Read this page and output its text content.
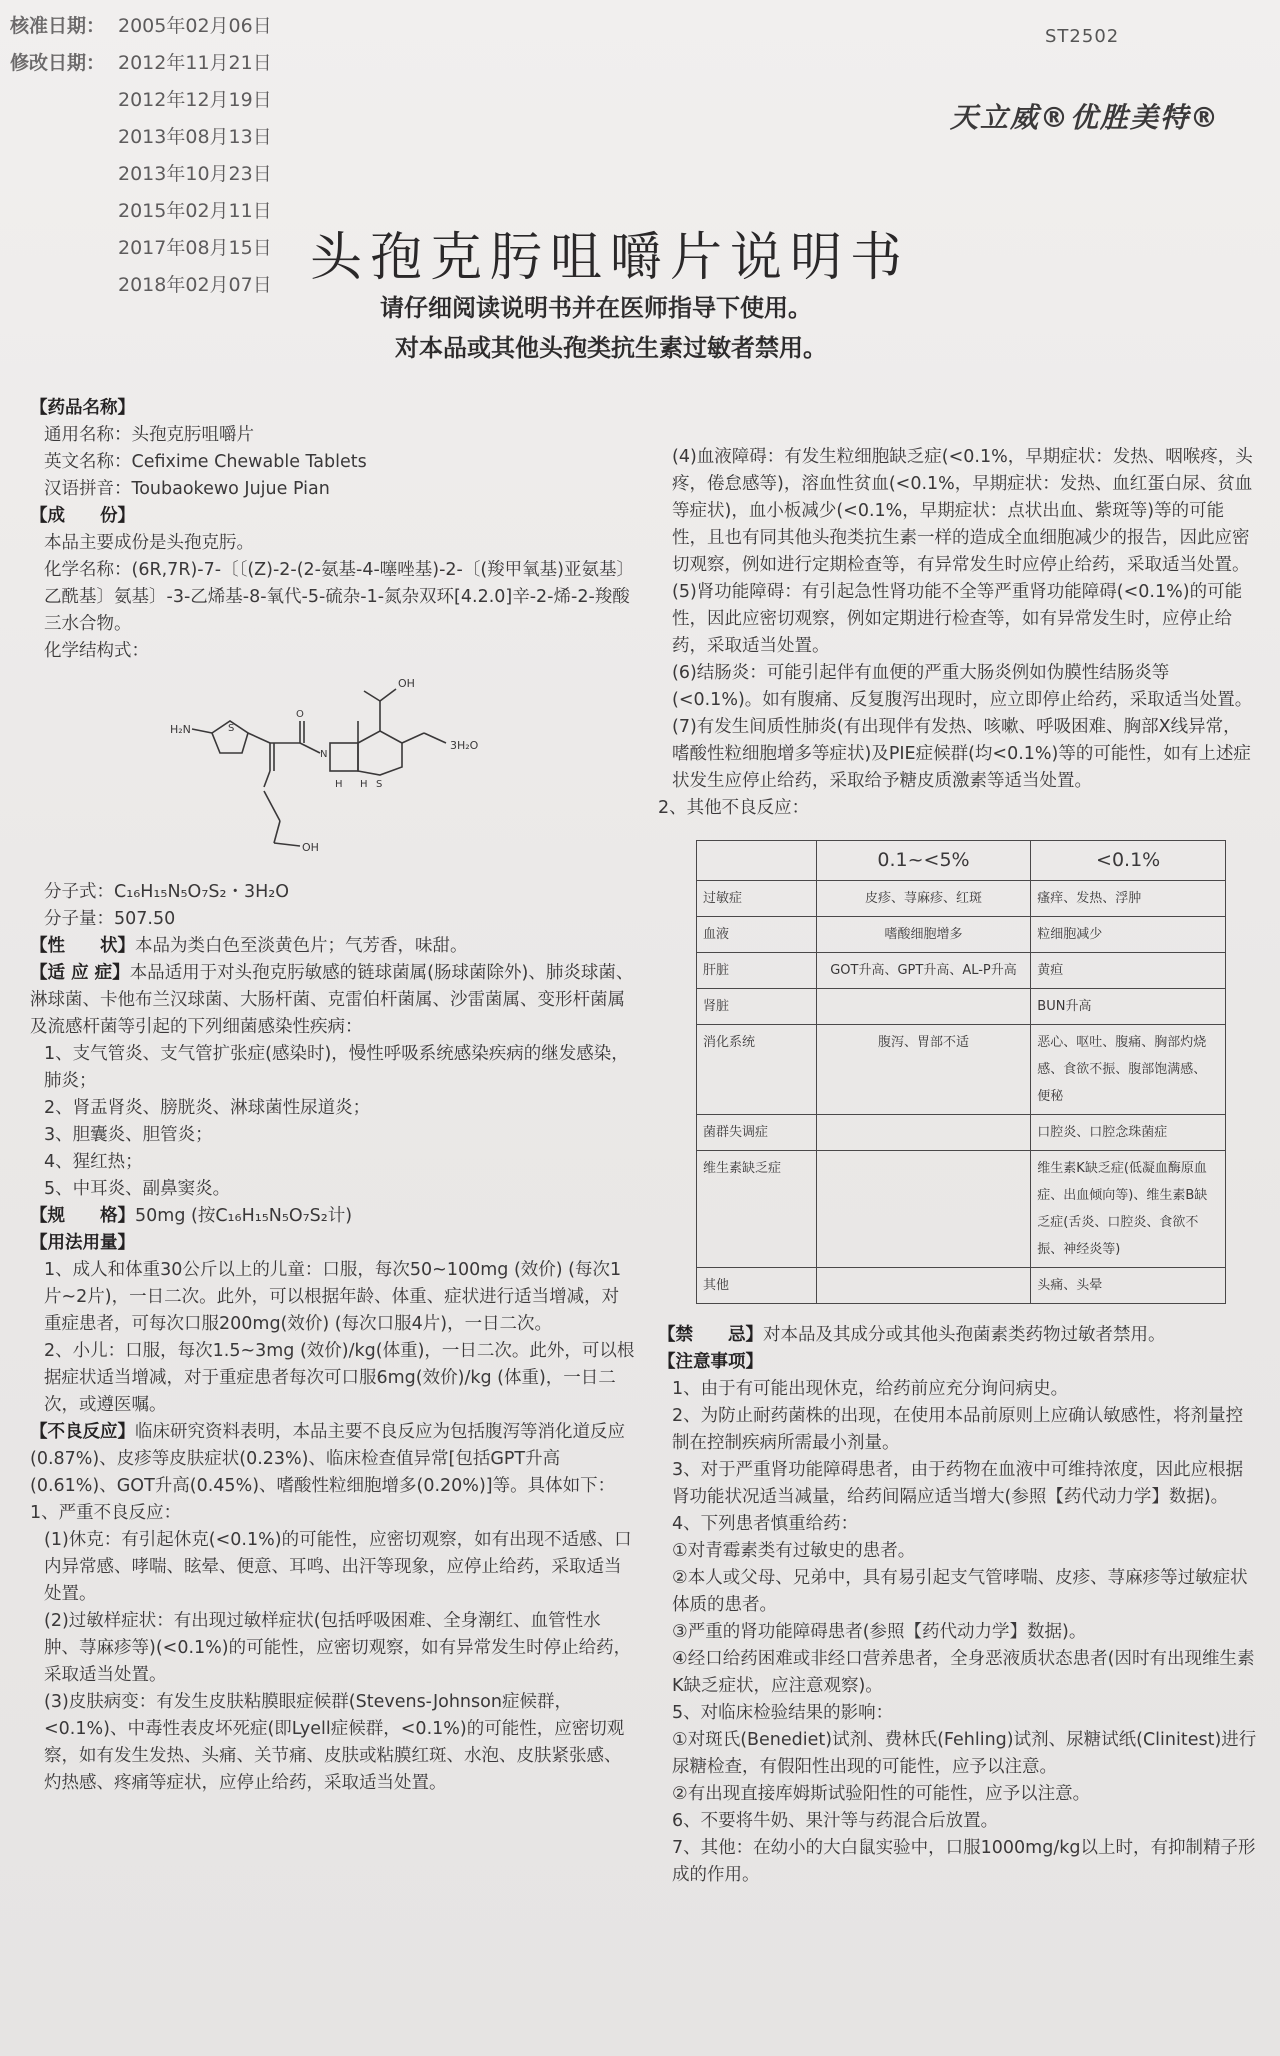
核准日期： 2005年02月06日
修改日期： 2012年11月21日
2012年12月19日
2013年08月13日
2013年10月23日
2015年02月11日
2017年08月15日
2018年02月07日
ST2502
天立威®优胜美特®
头孢克肟咀嚼片说明书
请仔细阅读说明书并在医师指导下使用。
对本品或其他头孢类抗生素过敏者禁用。
【药品名称】
通用名称：头孢克肟咀嚼片
英文名称：Cefixime Chewable Tablets
汉语拼音：Toubaokewo Jujue Pian
【成　　份】
本品主要成份是头孢克肟。
化学名称：(6R,7R)-7-〔〔(Z)-2-(2-氨基-4-噻唑基)-2-〔(羧甲氧基)亚氨基〕乙酰基〕氨基〕-3-乙烯基-8-氧代-5-硫杂-1-氮杂双环[4.2.0]辛-2-烯-2-羧酸三水合物。
化学结构式：
H₂N	S
N
O
H H S
OH
3H₂O
OH
分子式：C₁₆H₁₅N₅O₇S₂・3H₂O
分子量：507.50
【性　　状】本品为类白色至淡黄色片；气芳香，味甜。
【适 应 症】本品适用于对头孢克肟敏感的链球菌属(肠球菌除外)、肺炎球菌、淋球菌、卡他布兰汉球菌、大肠杆菌、克雷伯杆菌属、沙雷菌属、变形杆菌属及流感杆菌等引起的下列细菌感染性疾病：
1、支气管炎、支气管扩张症(感染时)，慢性呼吸系统感染疾病的继发感染，肺炎；
2、肾盂肾炎、膀胱炎、淋球菌性尿道炎；
3、胆囊炎、胆管炎；
4、猩红热；
5、中耳炎、副鼻窦炎。
【规　　格】50mg (按C₁₆H₁₅N₅O₇S₂计)
【用法用量】
1、成人和体重30公斤以上的儿童：口服，每次50~100mg (效价) (每次1片~2片)，一日二次。此外，可以根据年龄、体重、症状进行适当增减，对重症患者，可每次口服200mg(效价) (每次口服4片)，一日二次。
2、小儿：口服，每次1.5~3mg (效价)/kg(体重)，一日二次。此外，可以根据症状适当增减，对于重症患者每次可口服6mg(效价)/kg (体重)，一日二次，或遵医嘱。
【不良反应】临床研究资料表明，本品主要不良反应为包括腹泻等消化道反应(0.87%)、皮疹等皮肤症状(0.23%)、临床检查值异常[包括GPT升高(0.61%)、GOT升高(0.45%)、嗜酸性粒细胞增多(0.20%)]等。具体如下：
1、严重不良反应：
(1)休克：有引起休克(<0.1%)的可能性，应密切观察，如有出现不适感、口内异常感、哮喘、眩晕、便意、耳鸣、出汗等现象，应停止给药，采取适当处置。
(2)过敏样症状：有出现过敏样症状(包括呼吸困难、全身潮红、血管性水肿、荨麻疹等)(<0.1%)的可能性，应密切观察，如有异常发生时停止给药，采取适当处置。
(3)皮肤病变：有发生皮肤粘膜眼症候群(Stevens-Johnson症候群，<0.1%)、中毒性表皮坏死症(即Lyell症候群，<0.1%)的可能性，应密切观察，如有发生发热、头痛、关节痛、皮肤或粘膜红斑、水泡、皮肤紧张感、灼热感、疼痛等症状，应停止给药，采取适当处置。
(4)血液障碍：有发生粒细胞缺乏症(<0.1%，早期症状：发热、咽喉疼，头疼，倦怠感等)，溶血性贫血(<0.1%，早期症状：发热、血红蛋白尿、贫血等症状)，血小板减少(<0.1%，早期症状：点状出血、紫斑等)等的可能性，且也有同其他头孢类抗生素一样的造成全血细胞减少的报告，因此应密切观察，例如进行定期检查等，有异常发生时应停止给药，采取适当处置。
(5)肾功能障碍：有引起急性肾功能不全等严重肾功能障碍(<0.1%)的可能性，因此应密切观察，例如定期进行检查等，如有异常发生时，应停止给药，采取适当处置。
(6)结肠炎：可能引起伴有血便的严重大肠炎例如伪膜性结肠炎等(<0.1%)。如有腹痛、反复腹泻出现时，应立即停止给药，采取适当处置。
(7)有发生间质性肺炎(有出现伴有发热、咳嗽、呼吸困难、胸部X线异常，嗜酸性粒细胞增多等症状)及PIE症候群(均<0.1%)等的可能性，如有上述症状发生应停止给药，采取给予糖皮质激素等适当处置。
2、其他不良反应：
	0.1~<5%	<0.1%
过敏症	皮疹、荨麻疹、红斑	瘙痒、发热、浮肿
血液	嗜酸细胞增多	粒细胞减少
肝脏	GOT升高、GPT升高、AL-P升高	黄疸
肾脏		BUN升高
消化系统	腹泻、胃部不适	恶心、呕吐、腹痛、胸部灼烧感、食欲不振、腹部饱满感、便秘
菌群失调症		口腔炎、口腔念珠菌症
维生素缺乏症		维生素K缺乏症(低凝血酶原血症、出血倾向等)、维生素B缺乏症(舌炎、口腔炎、食欲不振、神经炎等)
其他		头痛、头晕
【禁　　忌】对本品及其成分或其他头孢菌素类药物过敏者禁用。
【注意事项】
1、由于有可能出现休克，给药前应充分询问病史。
2、为防止耐药菌株的出现，在使用本品前原则上应确认敏感性，将剂量控制在控制疾病所需最小剂量。
3、对于严重肾功能障碍患者，由于药物在血液中可维持浓度，因此应根据肾功能状况适当减量，给药间隔应适当增大(参照【药代动力学】数据)。
4、下列患者慎重给药：
①对青霉素类有过敏史的患者。
②本人或父母、兄弟中，具有易引起支气管哮喘、皮疹、荨麻疹等过敏症状体质的患者。
③严重的肾功能障碍患者(参照【药代动力学】数据)。
④经口给药困难或非经口营养患者，全身恶液质状态患者(因时有出现维生素K缺乏症状，应注意观察)。
5、对临床检验结果的影响：
①对斑氏(Benediet)试剂、费林氏(Fehling)试剂、尿糖试纸(Clinitest)进行尿糖检查，有假阳性出现的可能性，应予以注意。
②有出现直接库姆斯试验阳性的可能性，应予以注意。
6、不要将牛奶、果汁等与药混合后放置。
7、其他：在幼小的大白鼠实验中，口服1000mg/kg以上时，有抑制精子形成的作用。
